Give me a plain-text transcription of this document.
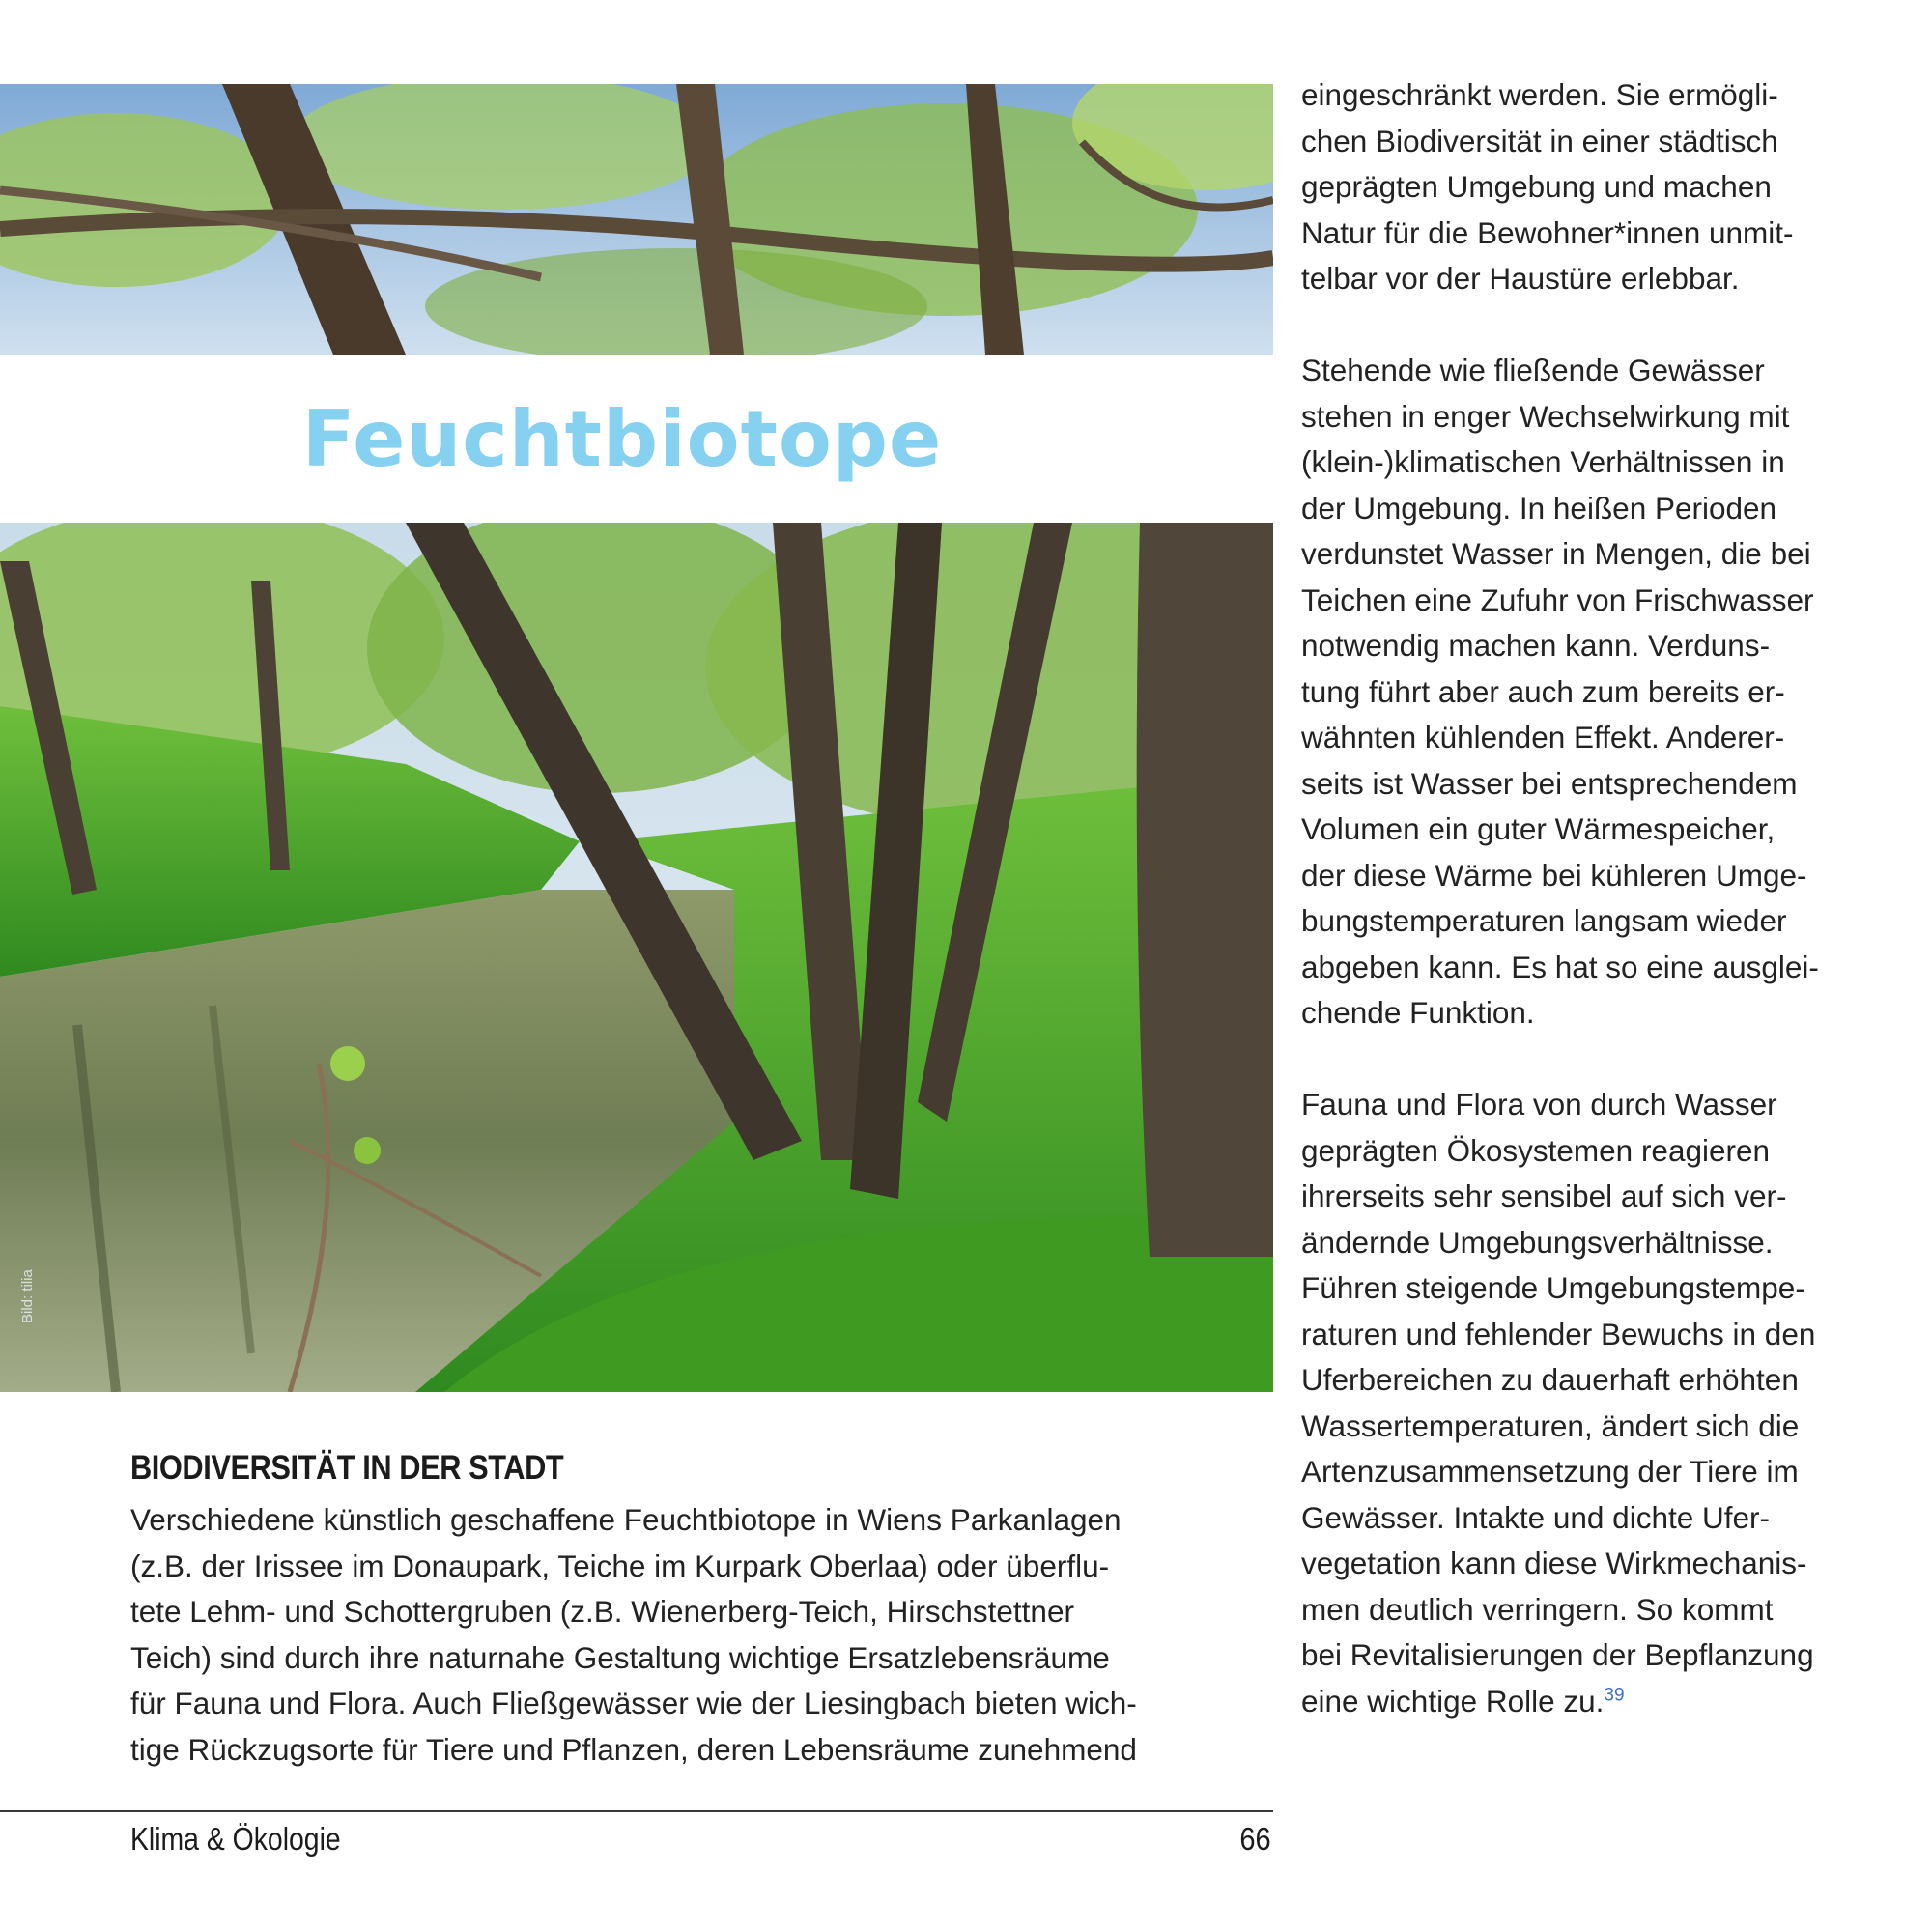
Feuchtbiotope
Bild: tilia
BIODIVERSITÄT IN DER STADT
Verschiedene künstlich geschaffene Feuchtbiotope in Wiens Parkanlagen
(z.B. der Irissee im Donaupark, Teiche im Kurpark Oberlaa) oder überflu-
tete Lehm- und Schottergruben (z.B. Wienerberg-Teich, Hirschstettner
Teich) sind durch ihre naturnahe Gestaltung wichtige Ersatzlebensräume
für Fauna und Flora. Auch Fließgewässer wie der Liesingbach bieten wich-
tige Rückzugsorte für Tiere und Pflanzen, deren Lebensräume zunehmend
eingeschränkt werden. Sie ermögli-
chen Biodiversität in einer städtisch
geprägten Umgebung und machen
Natur für die Bewohner*innen unmit-
telbar vor der Haustüre erlebbar.
Stehende wie fließende Gewässer
stehen in enger Wechselwirkung mit
(klein-)klimatischen Verhältnissen in
der Umgebung. In heißen Perioden
verdunstet Wasser in Mengen, die bei
Teichen eine Zufuhr von Frischwasser
notwendig machen kann. Verduns-
tung führt aber auch zum bereits er-
wähnten kühlenden Effekt. Anderer-
seits ist Wasser bei entsprechendem
Volumen ein guter Wärmespeicher,
der diese Wärme bei kühleren Umge-
bungstemperaturen langsam wieder
abgeben kann. Es hat so eine ausglei-
chende Funktion.
Fauna und Flora von durch Wasser
geprägten Ökosystemen reagieren
ihrerseits sehr sensibel auf sich ver-
ändernde Umgebungsverhältnisse.
Führen steigende Umgebungstempe-
raturen und fehlender Bewuchs in den
Uferbereichen zu dauerhaft erhöhten
Wassertemperaturen, ändert sich die
Artenzusammensetzung der Tiere im
Gewässer. Intakte und dichte Ufer-
vegetation kann diese Wirkmechanis-
men deutlich verringern. So kommt
bei Revitalisierungen der Bepflanzung
eine wichtige Rolle zu.$^{39}$
Klima & Ökologie	66
